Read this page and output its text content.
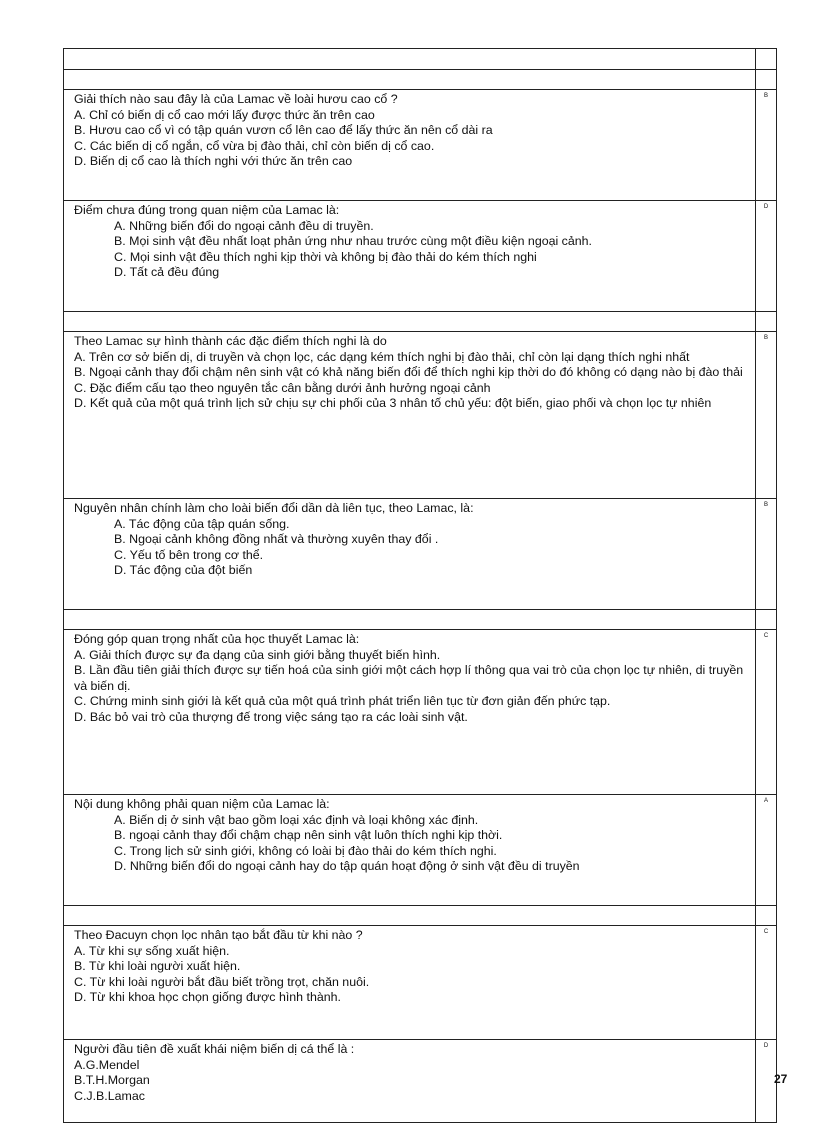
Giải thích nào sau đây là của Lamac về loài hươu cao cổ ?
A. Chỉ có biến dị cổ cao mới lấy được thức ăn trên cao
B. Hươu cao cổ vì có tập quán vươn cổ lên cao để lấy thức ăn nên cổ dài ra
C. Các biến dị cổ ngắn, cổ vừa bị đào thải, chỉ còn biến dị cổ cao.
D. Biến dị cổ cao là thích nghi với thức ăn trên cao	B

Điểm chưa đúng trong quan niệm của Lamac là:
A. Những biến đổi do ngoại cảnh đều di truyền.
B. Mọi sinh vật đều nhất loạt phản ứng như nhau trước cùng một điều kiện ngoại cảnh.
C. Mọi sinh vật đều thích nghi kịp thời và không bị đào thải do kém thích nghi
D. Tất cả đều đúng	D

Theo Lamac sự hình thành các đặc điểm thích nghi là do
A. Trên cơ sở biến dị, di truyền và chọn lọc, các dạng kém thích nghi bị đào thải, chỉ còn lại dạng thích nghi nhất
B. Ngoại cảnh thay đổi chậm nên sinh vật có khả năng biến đổi để thích nghi kịp thời do đó không có dạng nào bị đào thải
C. Đặc điểm cấu tạo theo nguyên tắc cân bằng dưới ảnh hưởng ngoại cảnh
D. Kết quả của một quá trình lịch sử chịu sự chi phối của 3 nhân tố chủ yếu: đột biến, giao phối và chọn lọc tự nhiên	B

Nguyên nhân chính làm cho loài biến đổi dần dà liên tục, theo Lamac, là:
A. Tác động của tập quán sống.
B. Ngoại cảnh không đồng nhất và thường xuyên thay đổi .
C. Yếu tố bên trong cơ thể.
D. Tác động của đột biến	B

Đóng góp quan trọng nhất của học thuyết Lamac là:
A. Giải thích được sự đa dạng của sinh giới bằng thuyết biến hình.
B. Lần đầu tiên giải thích được sự tiến hoá của sinh giới một cách hợp lí thông qua vai trò của chọn lọc tự nhiên, di truyền và biến dị.
C. Chứng minh sinh giới là kết quả của một quá trình phát triển liên tục từ đơn giản đến phức tạp.
D. Bác bỏ vai trò của thượng đế trong việc sáng tạo ra các loài sinh vật.	C

Nội dung không phải quan niệm của Lamac là:
A. Biến dị ở sinh vật bao gồm loại xác định và loại không xác định.
B. ngoại cảnh thay đổi chậm chạp nên sinh vật luôn thích nghi kịp thời.
C. Trong lịch sử sinh giới, không có loài bị đào thải do kém thích nghi.
D. Những biến đổi do ngoại cảnh hay do tập quán hoạt động ở sinh vật đều di truyền	A

Theo Đacuyn chọn lọc nhân tạo bắt đầu từ khi nào ?
A. Từ khi sự sống xuất hiện.
B. Từ khi loài người xuất hiện.
C. Từ khi loài người bắt đầu biết trồng trọt, chăn nuôi.
D. Từ khi khoa học chọn giống được hình thành.	C

Người đầu tiên đề xuất khái niệm biến dị cá thể là :
A.G.Mendel
B.T.H.Morgan
C.J.B.Lamac	D
27
